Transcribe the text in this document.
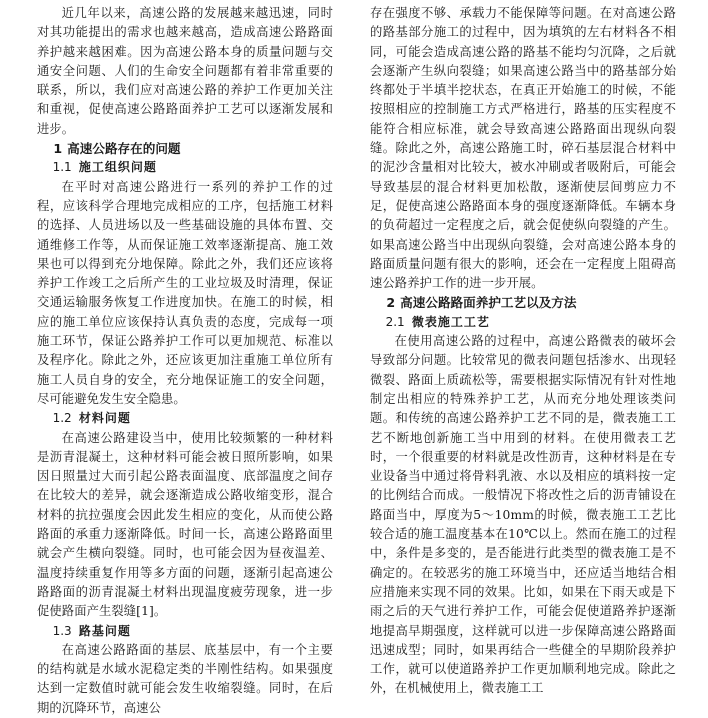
近几年以来，高速公路的发展越来越迅速，同时对其功能提出的需求也越来越高，造成高速公路路面养护越来越困难。因为高速公路本身的质量问题与交通安全问题、人们的生命安全问题都有着非常重要的联系，所以，我们应对高速公路的养护工作更加关注和重视，促使高速公路路面养护工艺可以逐渐发展和进步。

1 高速公路存在的问题
1.1 施工组织问题

在平时对高速公路进行一系列的养护工作的过程，应该科学合理地完成相应的工序，包括施工材料的选择、人员进场以及一些基础设施的具体布置、交通维修工作等，从而保证施工效率逐渐提高、施工效果也可以得到充分地保障。除此之外，我们还应该将养护工作竣工之后所产生的工业垃圾及时清理，保证交通运输服务恢复工作进度加快。在施工的时候，相应的施工单位应该保持认真负责的态度，完成每一项施工环节，保证公路养护工作可以更加规范、标准以及程序化。除此之外，还应该更加注重施工单位所有施工人员自身的安全，充分地保证施工的安全问题，尽可能避免发生安全隐患。

1.2 材料问题

在高速公路建设当中，使用比较频繁的一种材料是沥青混凝土，这种材料可能会被日照所影响，如果因日照量过大而引起公路表面温度、底部温度之间存在比较大的差异，就会逐渐造成公路收缩变形，混合材料的抗拉强度会因此发生相应的变化，从而使公路路面的承重力逐渐降低。时间一长，高速公路路面里就会产生横向裂缝。同时，也可能会因为昼夜温差、温度持续重复作用等多方面的问题，逐渐引起高速公路路面的沥青混凝土材料出现温度疲劳现象，进一步促使路面产生裂缝[1]。

1.3 路基问题

在高速公路路面的基层、底基层中，有一个主要的结构就是水域水泥稳定类的半刚性结构。如果强度达到一定数值时就可能会发生收缩裂缝。同时，在后期的沉降环节，高速公

存在强度不够、承载力不能保障等问题。在对高速公路的路基部分施工的过程中，因为填筑的左右材料各不相同，可能会造成高速公路的路基不能均匀沉降，之后就会逐渐产生纵向裂缝；如果高速公路当中的路基部分始终都处于半填半挖状态，在真正开始施工的时候，不能按照相应的控制施工方式严格进行，路基的压实程度不能符合相应标准，就会导致高速公路路面出现纵向裂缝。除此之外，高速公路施工时，碎石基层混合材料中的泥沙含量相对比较大，被水冲刷或者吸附后，可能会导致基层的混合材料更加松散，逐渐使层间剪应力不足，促使高速公路路面本身的强度逐渐降低。车辆本身的负荷超过一定程度之后，就会促使纵向裂缝的产生。如果高速公路当中出现纵向裂缝，会对高速公路本身的路面质量问题有很大的影响，还会在一定程度上阻碍高速公路养护工作的进一步开展。

2 高速公路路面养护工艺以及方法
2.1 微表施工工艺

在使用高速公路的过程中，高速公路微表的破坏会导致部分问题。比较常见的微表问题包括渗水、出现轻微裂、路面上质疏松等，需要根据实际情况有针对性地制定出相应的特殊养护工艺，从而充分地处理该类问题。和传统的高速公路养护工艺不同的是，微表施工工艺不断地创新施工当中用到的材料。在使用微表工艺时，一个很重要的材料就是改性沥青，这种材料是在专业设备当中通过将骨料乳液、水以及相应的填料按一定的比例结合而成。一般情况下将改性之后的沥青铺设在路面当中，厚度为5～10mm的时候，微表施工工艺比较合适的施工温度基本在10℃以上。然而在施工的过程中，条件是多变的，是否能进行此类型的微表施工是不确定的。在较恶劣的施工环境当中，还应适当地结合相应措施来实现不同的效果。比如，如果在下雨天或是下雨之后的天气进行养护工作，可能会促使道路养护逐渐地提高早期强度，这样就可以进一步保障高速公路路面迅速成型；同时，如果再结合一些健全的早期阶段养护工作，就可以使道路养护工作更加顺利地完成。除此之外，在机械使用上，微表施工工
